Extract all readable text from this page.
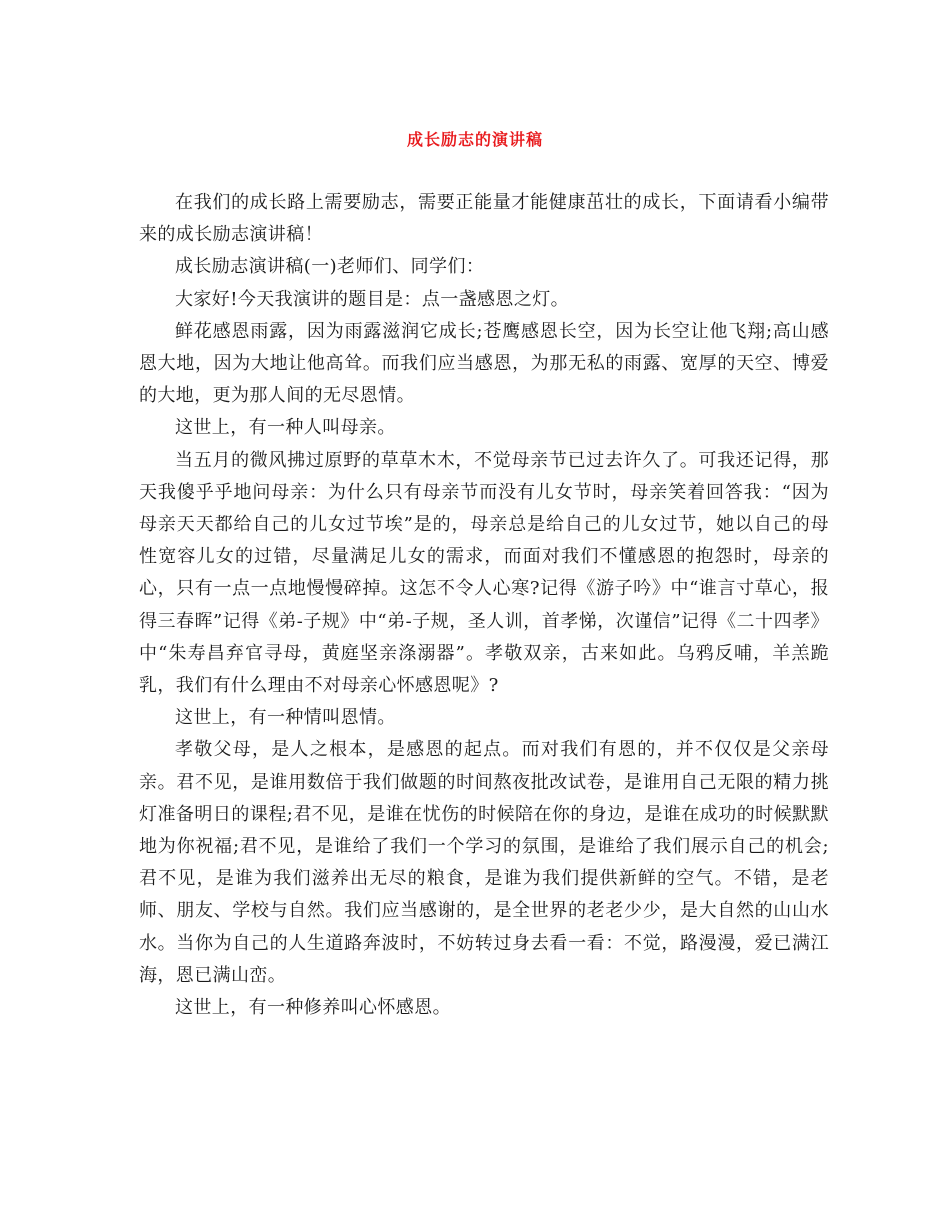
成长励志的演讲稿

在我们的成长路上需要励志，需要正能量才能健康茁壮的成长，下面请看小编带来的成长励志演讲稿！

成长励志演讲稿(一)老师们、同学们：

大家好!今天我演讲的题目是：点一盏感恩之灯。

鲜花感恩雨露，因为雨露滋润它成长;苍鹰感恩长空，因为长空让他飞翔;高山感恩大地，因为大地让他高耸。而我们应当感恩，为那无私的雨露、宽厚的天空、博爱的大地，更为那人间的无尽恩情。

这世上，有一种人叫母亲。

当五月的微风拂过原野的草草木木，不觉母亲节已过去许久了。可我还记得，那天我傻乎乎地问母亲：为什么只有母亲节而没有儿女节时，母亲笑着回答我：“因为母亲天天都给自己的儿女过节埃”是的，母亲总是给自己的儿女过节，她以自己的母性宽容儿女的过错，尽量满足儿女的需求，而面对我们不懂感恩的抱怨时，母亲的心，只有一点一点地慢慢碎掉。这怎不令人心寒?记得《游子吟》中“谁言寸草心，报得三春晖”记得《弟-子规》中“弟-子规，圣人训，首孝悌，次谨信”记得《二十四孝》中“朱寿昌弃官寻母，黄庭坚亲涤溺器”。孝敬双亲，古来如此。乌鸦反哺，羊羔跪乳，我们有什么理由不对母亲心怀感恩呢》?

这世上，有一种情叫恩情。

孝敬父母，是人之根本，是感恩的起点。而对我们有恩的，并不仅仅是父亲母亲。君不见，是谁用数倍于我们做题的时间熬夜批改试卷，是谁用自己无限的精力挑灯准备明日的课程;君不见，是谁在忧伤的时候陪在你的身边，是谁在成功的时候默默地为你祝福;君不见，是谁给了我们一个学习的氛围，是谁给了我们展示自己的机会;君不见，是谁为我们滋养出无尽的粮食，是谁为我们提供新鲜的空气。不错，是老师、朋友、学校与自然。我们应当感谢的，是全世界的老老少少，是大自然的山山水水。当你为自己的人生道路奔波时，不妨转过身去看一看：不觉，路漫漫，爱已满江海，恩已满山峦。

这世上，有一种修养叫心怀感恩。
